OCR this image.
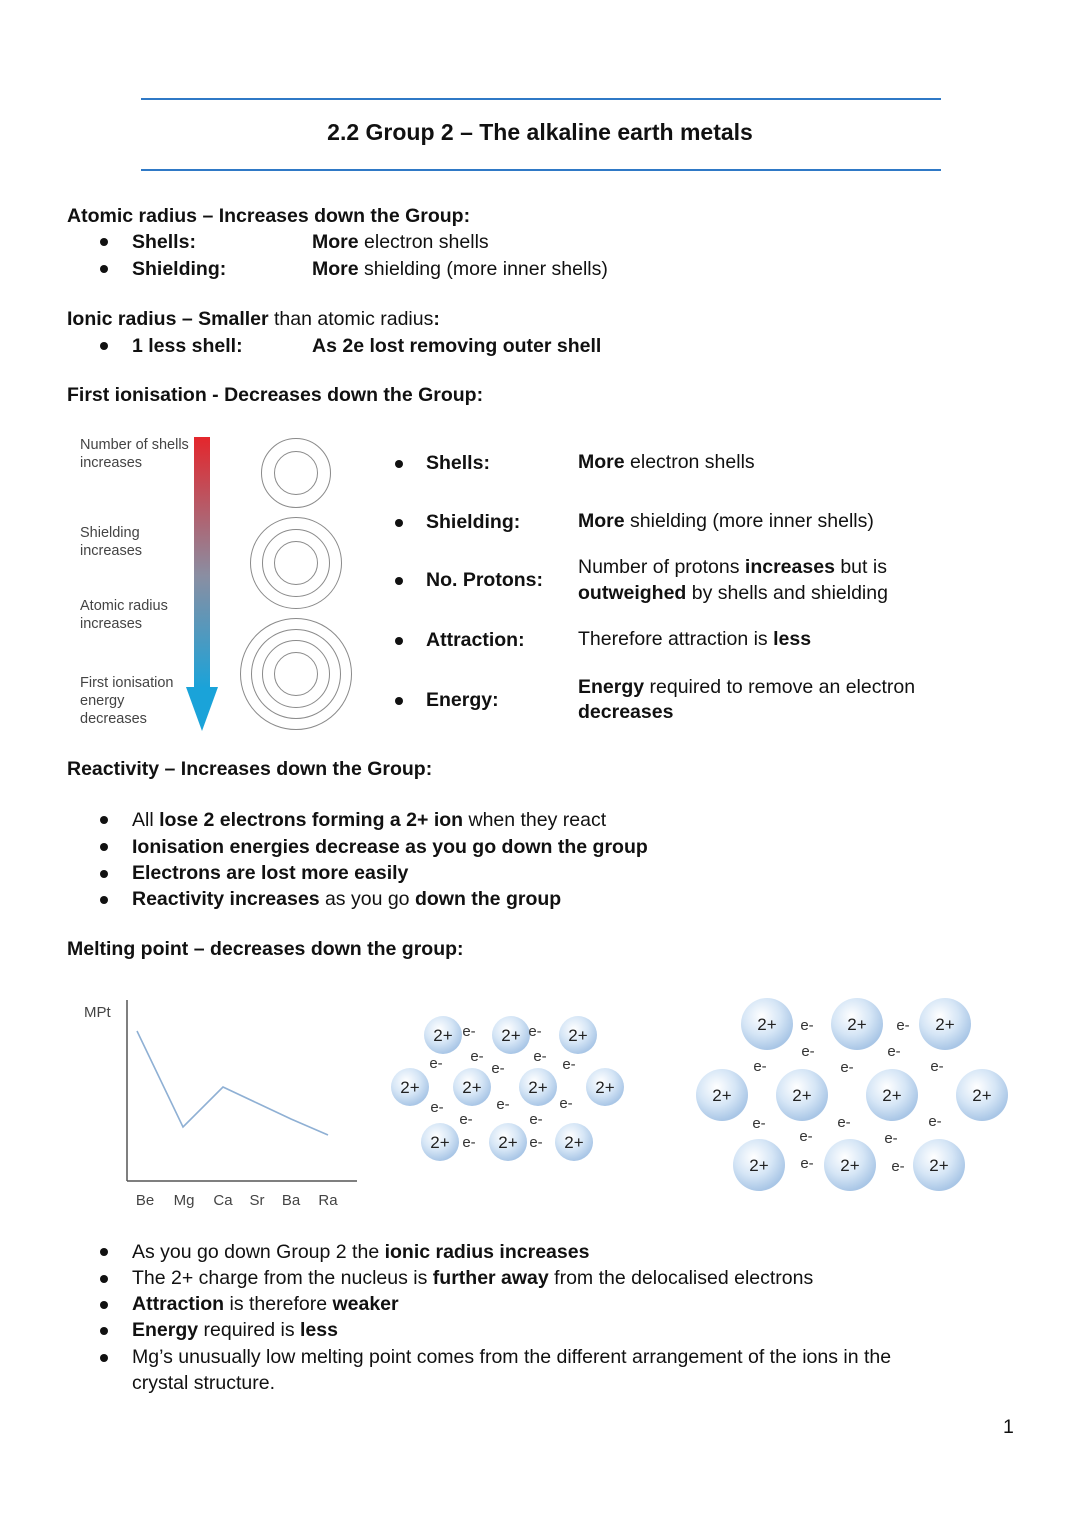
2.2 Group 2 – The alkaline earth metals
Atomic radius – Increases down the Group:
Shells:	More electron shells
Shielding:	More shielding (more inner shells)
Ionic radius – Smaller than atomic radius:
1 less shell:	As 2e lost removing outer shell
First ionisation - Decreases down the Group:
Number of shells increases
Shielding increases
Atomic radius increases
First ionisation energy decreases
Shells:	More electron shells
Shielding:	More shielding (more inner shells)
No. Protons:
Number of protons increases but is
outweighed by shells and shielding
Attraction:	Therefore attraction is less
Energy:
Energy required to remove an electron
decreases
Reactivity – Increases down the Group:
All lose 2 electrons forming a 2+ ion when they react
Ionisation energies decrease as you go down the group
Electrons are lost more easily
Reactivity increases as you go down the group
Melting point – decreases down the group:
MPt
Be Mg Ca Sr Ba Ra
2+	2+	2+
2+	2+	2+	2+
2+	2+	2+
e-	e-
e- e-	e- e-
e-
e-	e-	e-
e-	e-
e-	e-
2+	2+	2+
2+	2+	2+	2+
2+	2+	2+
e-	e-
e-	e-
e-	e-	e-
e-	e-	e-
e-	e-
e-	e-
As you go down Group 2 the ionic radius increases
The 2+ charge from the nucleus is further away from the delocalised electrons
Attraction is therefore weaker
Energy required is less
Mg’s unusually low melting point comes from the different arrangement of the ions in the
crystal structure.
1
